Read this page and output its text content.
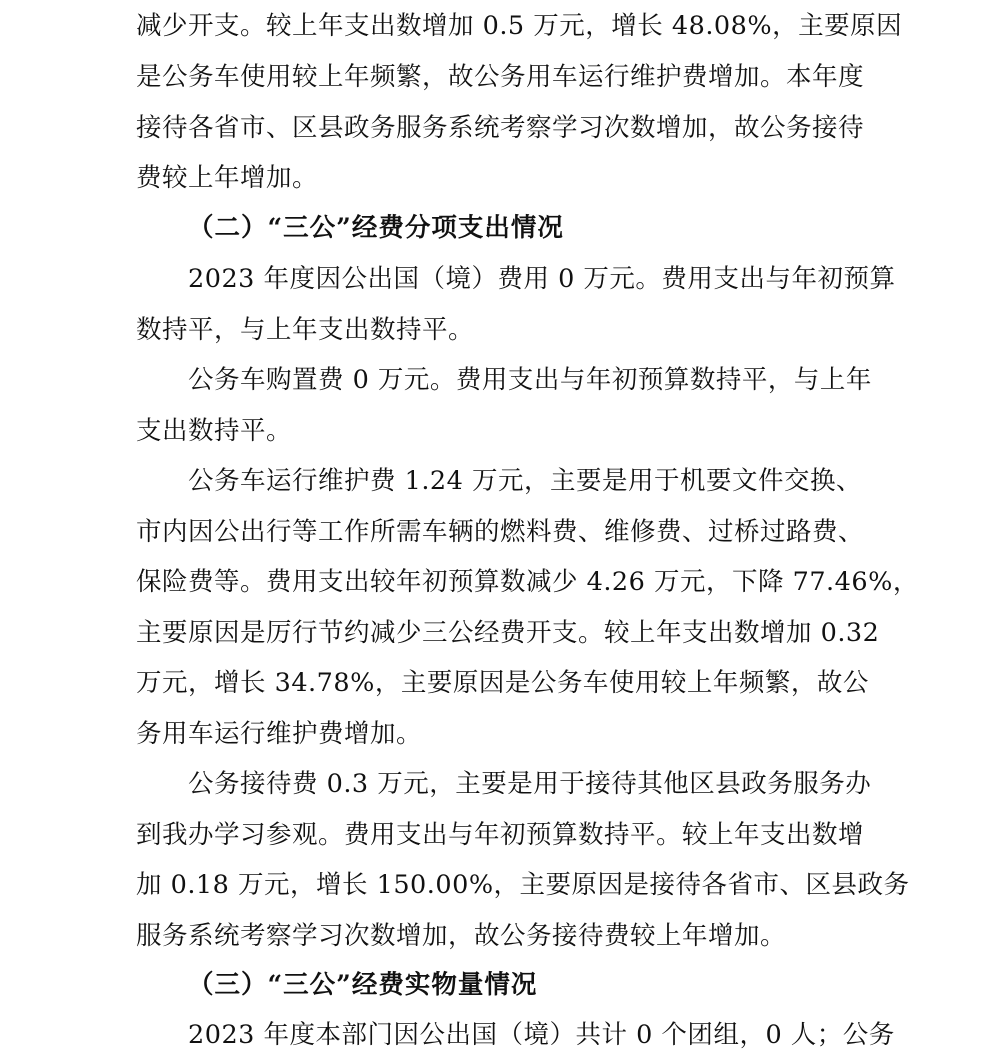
减少开支。较上年支出数增加 0.5 万元，增长 48.08%，主要原因
是公务车使用较上年频繁，故公务用车运行维护费增加。本年度
接待各省市、区县政务服务系统考察学习次数增加，故公务接待
费较上年增加。
（二）“三公”经费分项支出情况
2023 年度因公出国（境）费用 0 万元。费用支出与年初预算
数持平，与上年支出数持平。
公务车购置费 0 万元。费用支出与年初预算数持平，与上年
支出数持平。
公务车运行维护费 1.24 万元，主要是用于机要文件交换、
市内因公出行等工作所需车辆的燃料费、维修费、过桥过路费、
保险费等。费用支出较年初预算数减少 4.26 万元，下降 77.46%，
主要原因是厉行节约减少三公经费开支。较上年支出数增加 0.32
万元，增长 34.78%，主要原因是公务车使用较上年频繁，故公
务用车运行维护费增加。
公务接待费 0.3 万元，主要是用于接待其他区县政务服务办
到我办学习参观。费用支出与年初预算数持平。较上年支出数增
加 0.18 万元，增长 150.00%，主要原因是接待各省市、区县政务
服务系统考察学习次数增加，故公务接待费较上年增加。
（三）“三公”经费实物量情况
2023 年度本部门因公出国（境）共计 0 个团组，0 人；公务
